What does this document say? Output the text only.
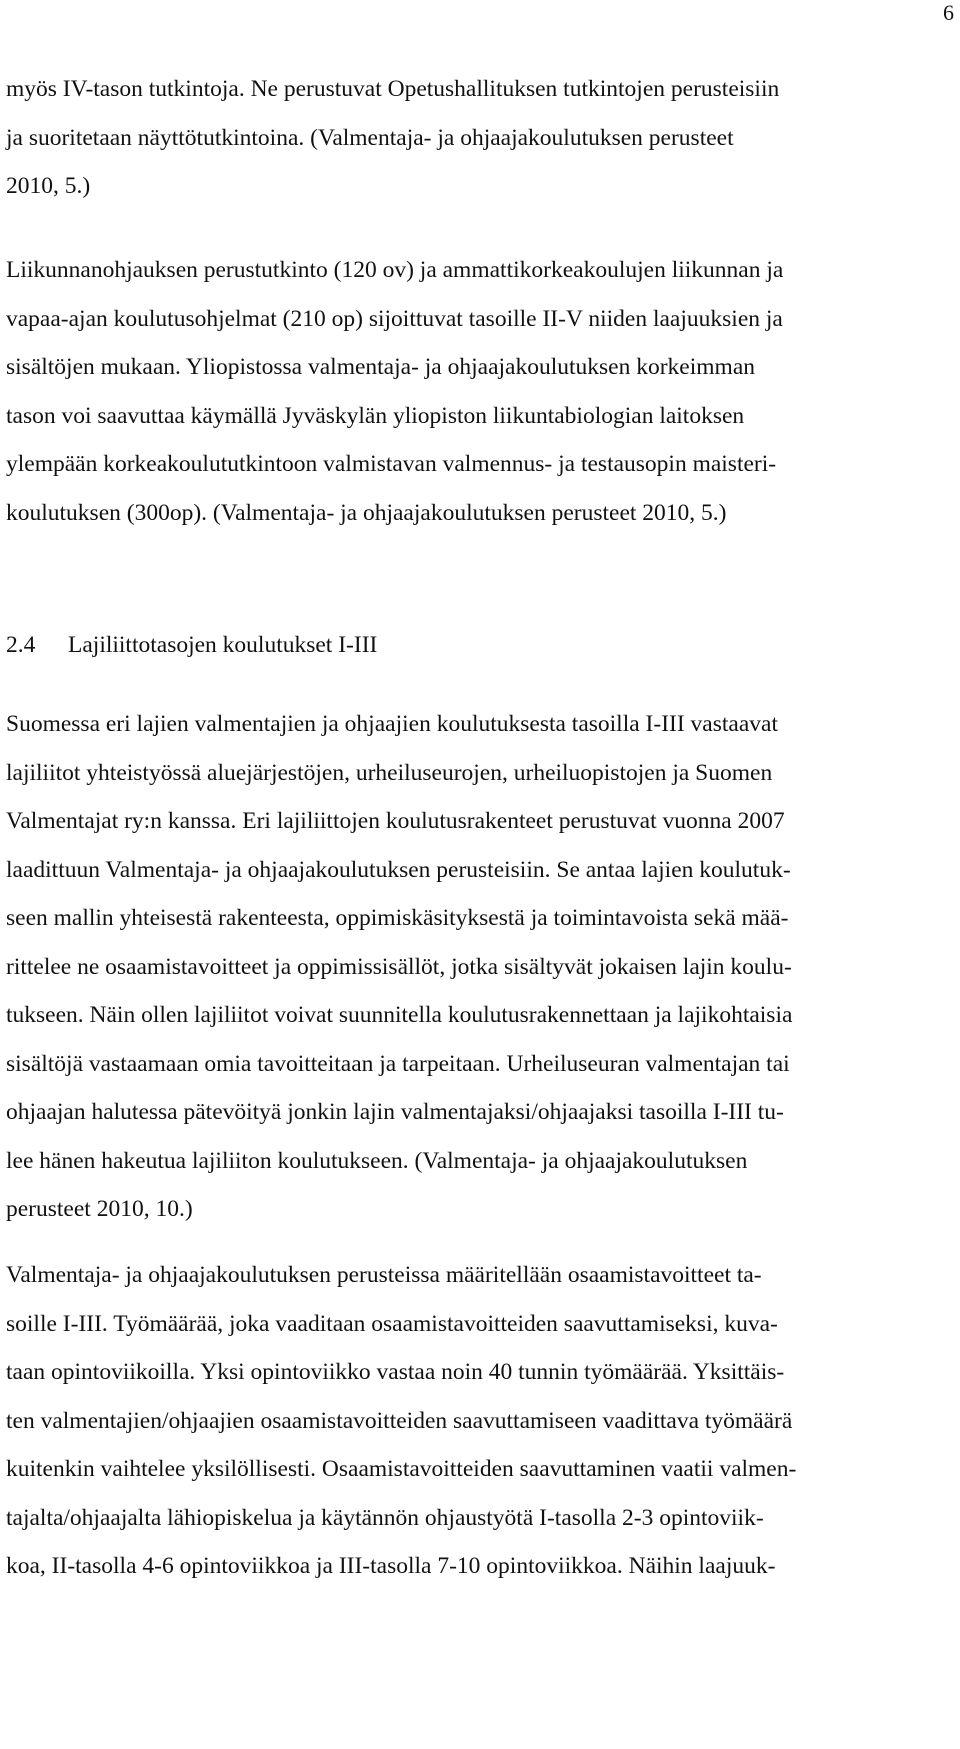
6
myös IV-tason tutkintoja. Ne perustuvat Opetushallituksen tutkintojen perusteisiin
ja suoritetaan näyttötutkintoina. (Valmentaja- ja ohjaajakoulutuksen perusteet
2010, 5.)
Liikunnanohjauksen perustutkinto (120 ov) ja ammattikorkeakoulujen liikunnan ja
vapaa-ajan koulutusohjelmat (210 op) sijoittuvat tasoille II-V niiden laajuuksien ja
sisältöjen mukaan. Yliopistossa valmentaja- ja ohjaajakoulutuksen korkeimman
tason voi saavuttaa käymällä Jyväskylän yliopiston liikuntabiologian laitoksen
ylempään korkeakoulututkintoon valmistavan valmennus- ja testausopin maisteri-
koulutuksen (300op). (Valmentaja- ja ohjaajakoulutuksen perusteet 2010, 5.)
2.4 Lajiliittotasojen koulutukset I-III
Suomessa eri lajien valmentajien ja ohjaajien koulutuksesta tasoilla I-III vastaavat
lajiliitot yhteistyössä aluejärjestöjen, urheiluseurojen, urheiluopistojen ja Suomen
Valmentajat ry:n kanssa. Eri lajiliittojen koulutusrakenteet perustuvat vuonna 2007
laadittuun Valmentaja- ja ohjaajakoulutuksen perusteisiin. Se antaa lajien koulutuk-
seen mallin yhteisestä rakenteesta, oppimiskäsityksestä ja toimintavoista sekä mää-
rittelee ne osaamistavoitteet ja oppimissisällöt, jotka sisältyvät jokaisen lajin koulu-
tukseen. Näin ollen lajiliitot voivat suunnitella koulutusrakennettaan ja lajikohtaisia
sisältöjä vastaamaan omia tavoitteitaan ja tarpeitaan. Urheiluseuran valmentajan tai
ohjaajan halutessa pätevöityä jonkin lajin valmentajaksi/ohjaajaksi tasoilla I-III tu-
lee hänen hakeutua lajiliiton koulutukseen. (Valmentaja- ja ohjaajakoulutuksen
perusteet 2010, 10.)
Valmentaja- ja ohjaajakoulutuksen perusteissa määritellään osaamistavoitteet ta-
soille I-III. Työmäärää, joka vaaditaan osaamistavoitteiden saavuttamiseksi, kuva-
taan opintoviikoilla. Yksi opintoviikko vastaa noin 40 tunnin työmäärää. Yksittäis-
ten valmentajien/ohjaajien osaamistavoitteiden saavuttamiseen vaadittava työmäärä
kuitenkin vaihtelee yksilöllisesti. Osaamistavoitteiden saavuttaminen vaatii valmen-
tajalta/ohjaajalta lähiopiskelua ja käytännön ohjaustyötä I-tasolla 2-3 opintoviik-
koa, II-tasolla 4-6 opintoviikkoa ja III-tasolla 7-10 opintoviikkoa. Näihin laajuuk-
